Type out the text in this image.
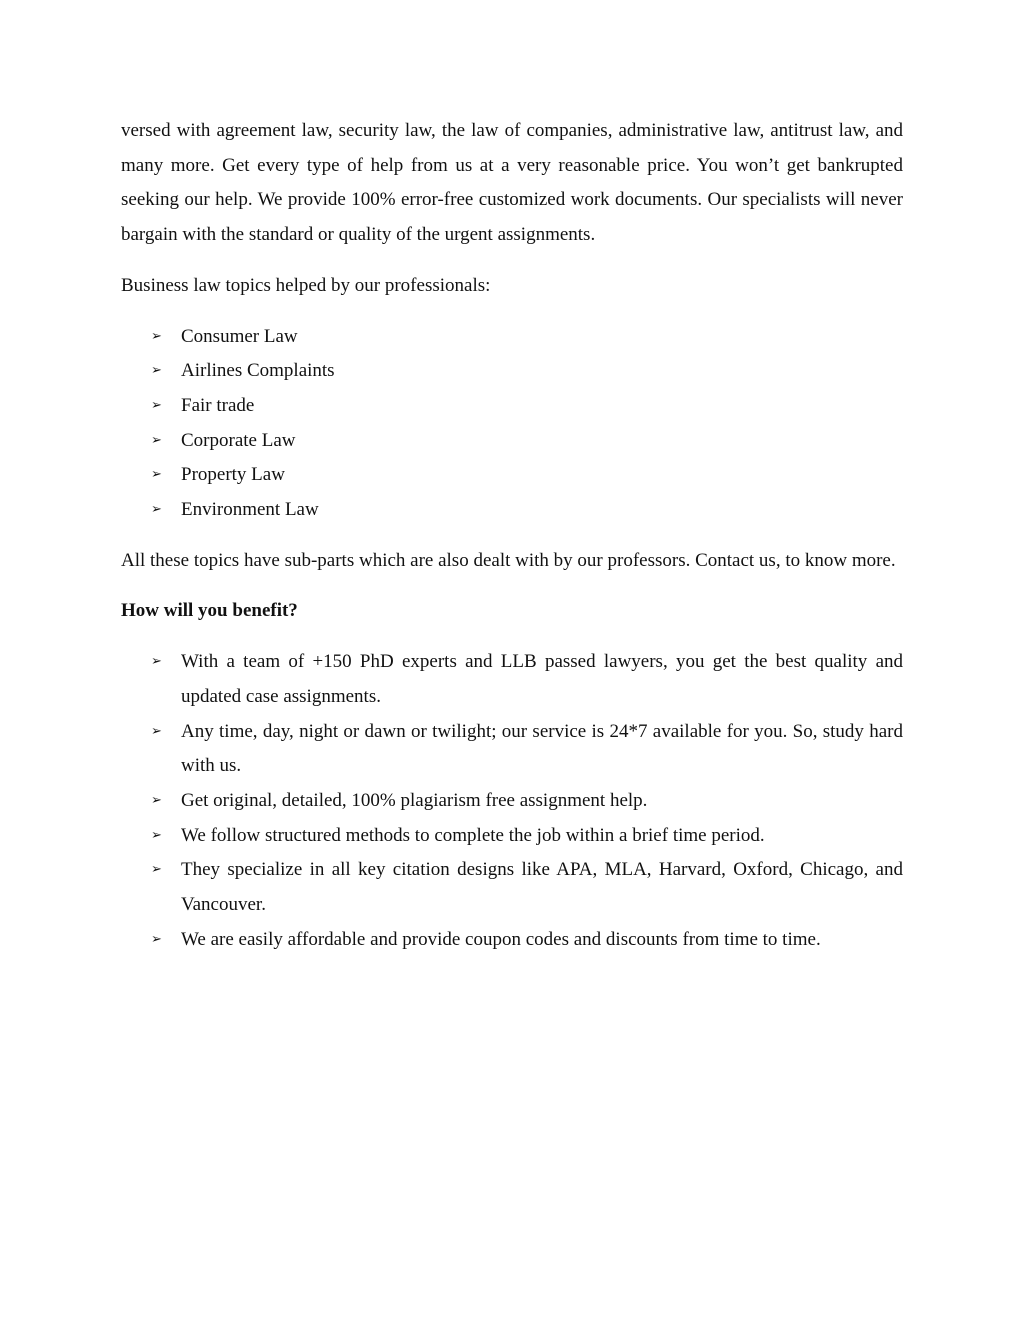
versed with agreement law, security law, the law of companies, administrative law, antitrust law, and many more. Get every type of help from us at a very reasonable price. You won’t get bankrupted seeking our help. We provide 100% error-free customized work documents. Our specialists will never bargain with the standard or quality of the urgent assignments.

Business law topics helped by our professionals:

➢ Consumer Law
➢ Airlines Complaints
➢ Fair trade
➢ Corporate Law
➢ Property Law
➢ Environment Law

All these topics have sub-parts which are also dealt with by our professors. Contact us, to know more.

How will you benefit?

➢ With a team of +150 PhD experts and LLB passed lawyers, you get the best quality and updated case assignments.
➢ Any time, day, night or dawn or twilight; our service is 24*7 available for you. So, study hard with us.
➢ Get original, detailed, 100% plagiarism free assignment help.
➢ We follow structured methods to complete the job within a brief time period.
➢ They specialize in all key citation designs like APA, MLA, Harvard, Oxford, Chicago, and Vancouver.
➢ We are easily affordable and provide coupon codes and discounts from time to time.
